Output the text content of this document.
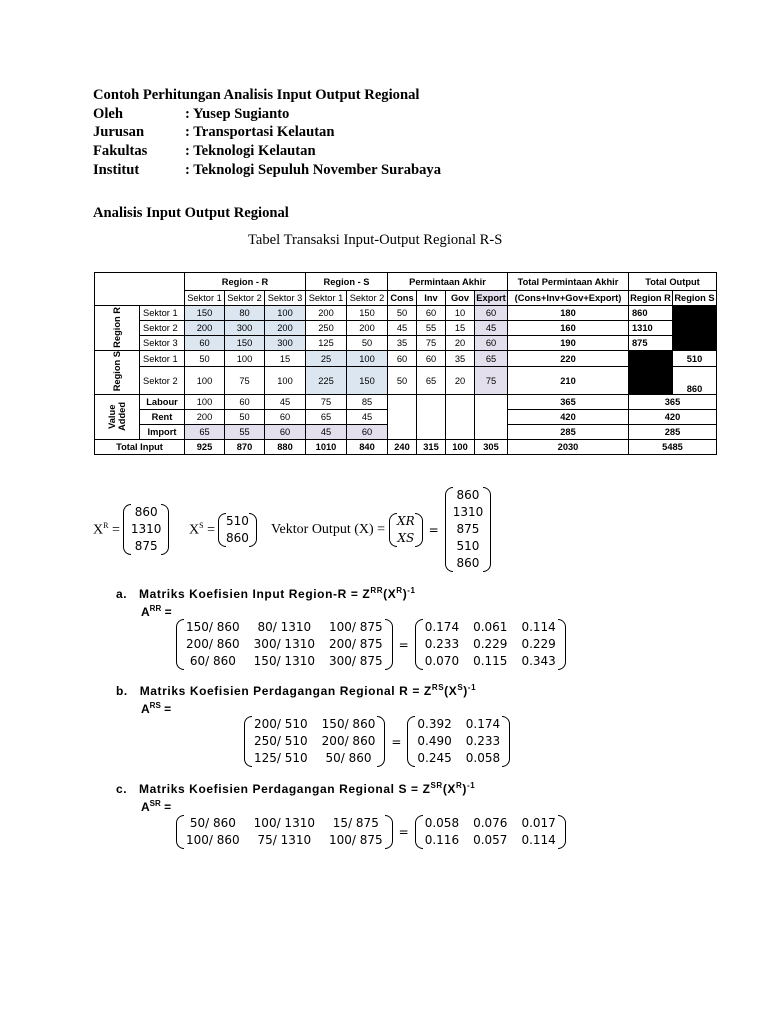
Contoh Perhitungan Analisis Input Output Regional
Oleh	: Yusep Sugianto
Jurusan	: Transportasi Kelautan
Fakultas	: Teknologi Kelautan
Institut	: Teknologi Sepuluh November Surabaya
Analisis Input Output Regional
Tabel Transaksi Input-Output Regional R-S
		Region - R			Region - S		Permintaan Akhir				Total Permintaan Akhir	Total Output	
		Sektor 1	Sektor 2	Sektor 3	Sektor 1	Sektor 2	Cons	Inv	Gov	Export	(Cons+Inv+Gov+Export)	Region R	Region S
Region R	Sektor 1	150	80	100	200	150	50	60	10	60	180	860	
	Sektor 2	200	300	200	250	200	45	55	15	45	160	1310	
	Sektor 3	60	150	300	125	50	35	75	20	60	190	875	
Region S	Sektor 1	50	100	15	25	100	60	60	35	65	220		510
	Sektor 2	100	75	100	225	150	50	65	20	75	210		860
Value
Added	Labour	100	60	45	75	85					365	365	
	Rent	200	50	60	65	45					420	420	
	Import	65	55	60	45	60					285	285	
Total Input		925	870	880	1010	840	240	315	100	305	2030	5485	
$X^R$ =
860
1310
875
$X^S$ =
510
860
Vektor Output (X) =
XR
XS
=
860
1310
875
510
860
a. Matriks Koefisien Input Region-R = $Z^{RR}(X^R)^{-1}$
$A^{RR}$ =
150/ 860	80/ 1310	100/ 875
200/ 860 300/ 1310 200/ 875
60/ 860	150/ 1310 300/ 875
=
0.174 0.061 0.114
0.233 0.229 0.229
0.070 0.115 0.343
b. Matriks Koefisien Perdagangan Regional $R = Z^{RS}(X^S)^{-1}$
$A^{RS}$ =
200/ 510 150/ 860
250/ 510 200/ 860
125/ 510	50/ 860
=
0.392 0.174
0.490 0.233
0.245 0.058
c. Matriks Koefisien Perdagangan Regional $S = Z^{SR}(X^R)^{-1}$
$A^{SR}$ =
50/ 860	100/ 1310	15/ 875
100/ 860	75/ 1310	100/ 875
=
0.058 0.076 0.017
0.116 0.057 0.114
